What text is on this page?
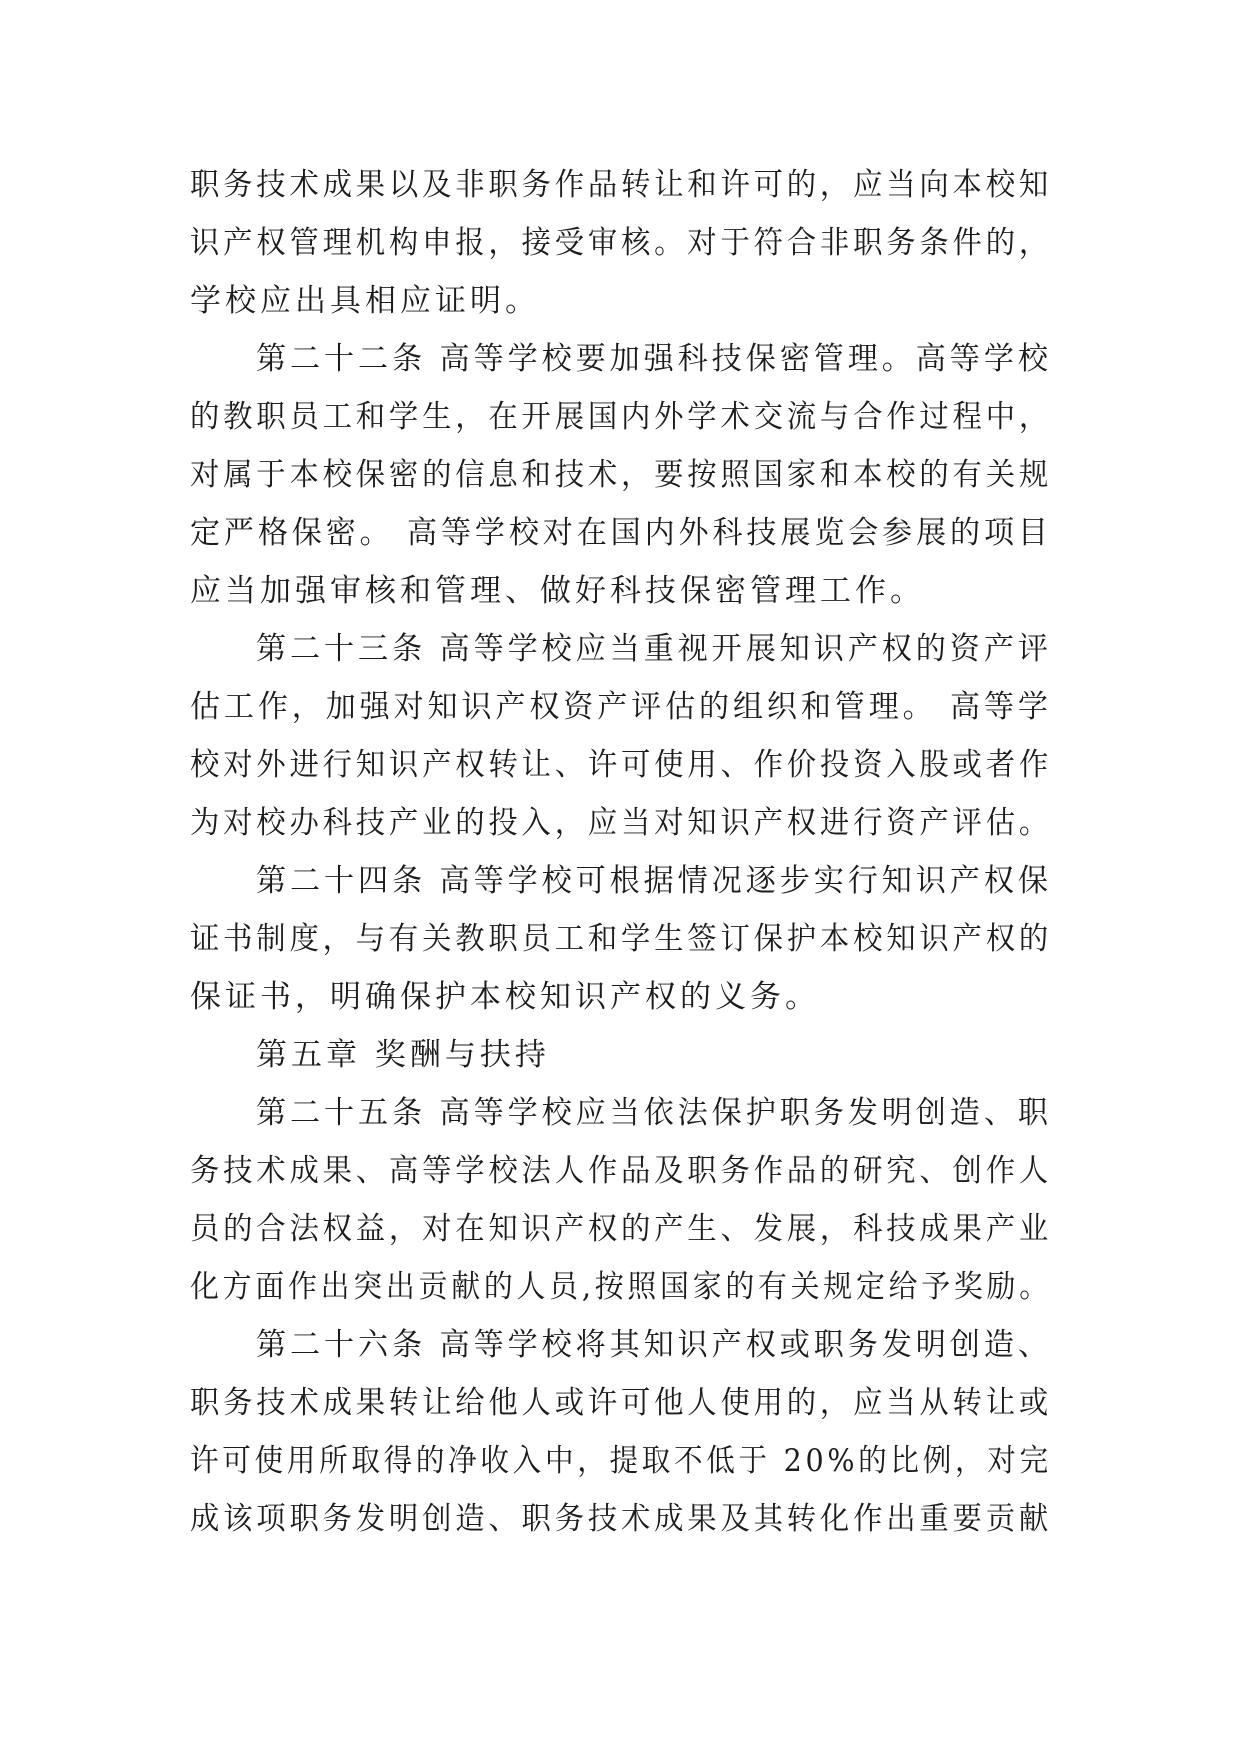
职务技术成果以及非职务作品转让和许可的，应当向本校知
识产权管理机构申报，接受审核。对于符合非职务条件的，
学校应出具相应证明。
第二十二条 高等学校要加强科技保密管理。高等学校
的教职员工和学生，在开展国内外学术交流与合作过程中，
对属于本校保密的信息和技术，要按照国家和本校的有关规
定严格保密。 高等学校对在国内外科技展览会参展的项目
应当加强审核和管理、做好科技保密管理工作。
第二十三条 高等学校应当重视开展知识产权的资产评
估工作，加强对知识产权资产评估的组织和管理。 高等学
校对外进行知识产权转让、许可使用、作价投资入股或者作
为对校办科技产业的投入，应当对知识产权进行资产评估。
第二十四条 高等学校可根据情况逐步实行知识产权保
证书制度，与有关教职员工和学生签订保护本校知识产权的
保证书，明确保护本校知识产权的义务。
第五章 奖酬与扶持
第二十五条 高等学校应当依法保护职务发明创造、职
务技术成果、高等学校法人作品及职务作品的研究、创作人
员的合法权益，对在知识产权的产生、发展，科技成果产业
化方面作出突出贡献的人员,按照国家的有关规定给予奖励。
第二十六条 高等学校将其知识产权或职务发明创造、
职务技术成果转让给他人或许可他人使用的，应当从转让或
许可使用所取得的净收入中，提取不低于 20%的比例，对完
成该项职务发明创造、职务技术成果及其转化作出重要贡献
